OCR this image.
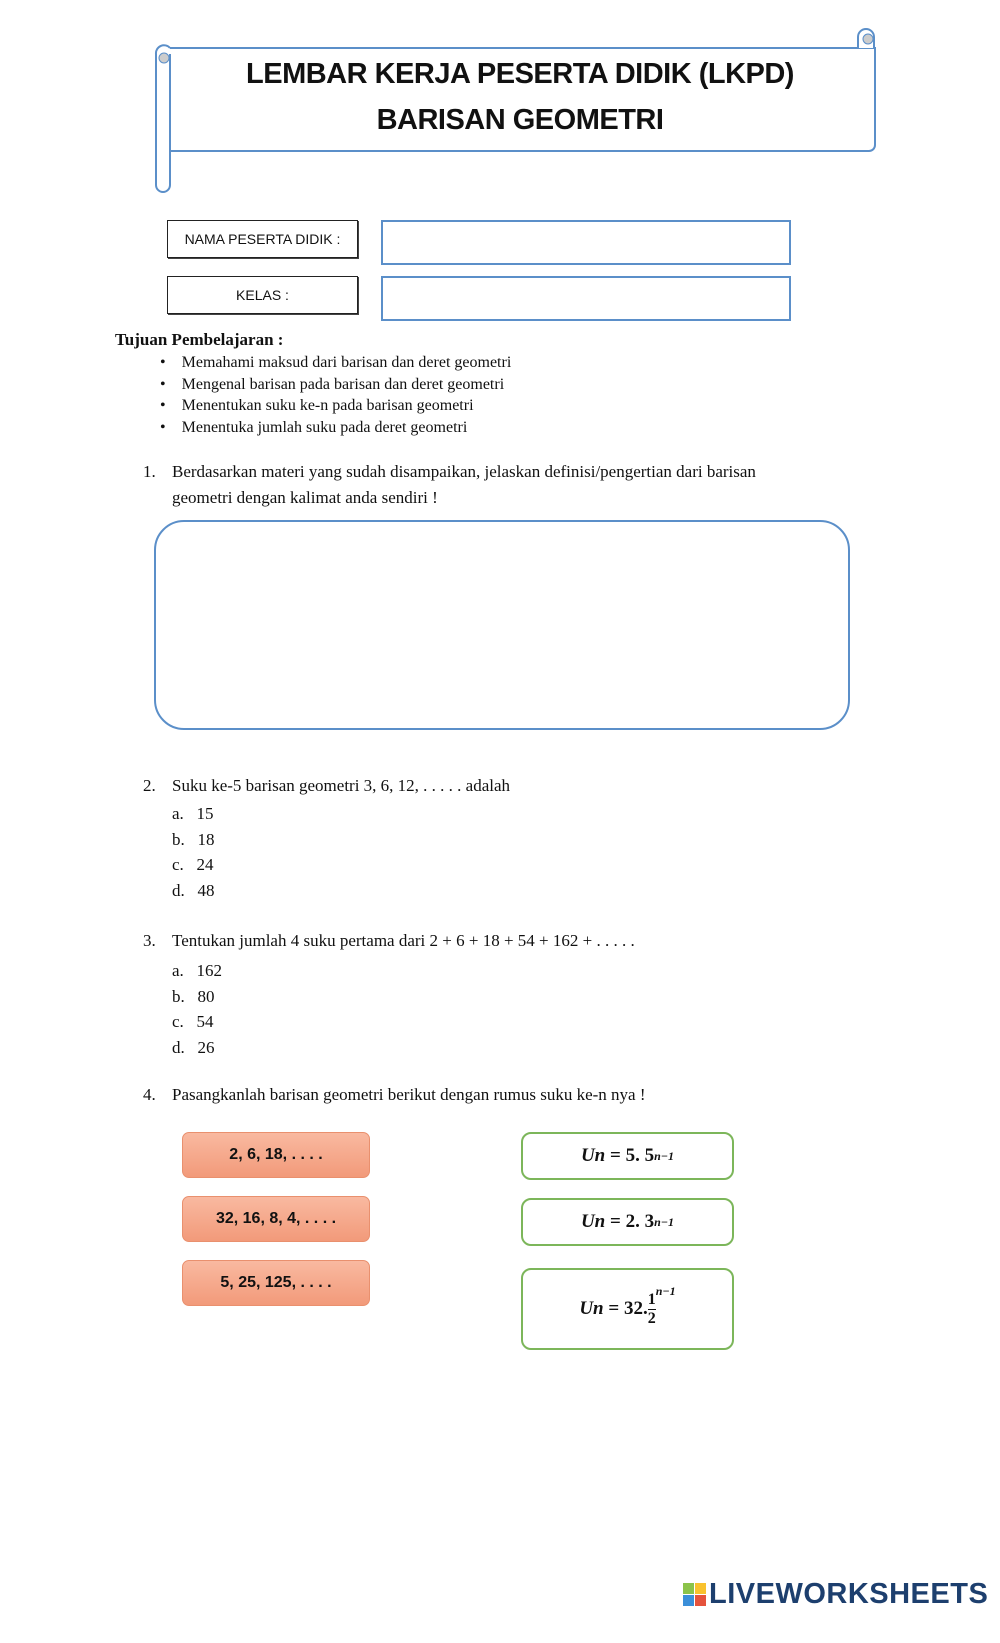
LEMBAR KERJA PESERTA DIDIK (LKPD)
BARISAN GEOMETRI
NAMA PESERTA DIDIK :
KELAS :
Tujuan Pembelajaran :
•    Memahami maksud dari barisan dan deret geometri
•    Mengenal barisan pada barisan dan deret geometri
•    Menentukan suku ke-n pada barisan geometri
•    Menentuka jumlah suku pada deret geometri
1. Berdasarkan materi yang sudah disampaikan, jelaskan definisi/pengertian dari barisan
geometri dengan kalimat anda sendiri !
2. Suku ke-5 barisan geometri 3, 6, 12, . . . . . adalah
a. 15
b. 18
c. 24
d. 48
3. Tentukan jumlah 4 suku pertama dari 2 + 6 + 18 + 54 + 162 + . . . . .
a. 162
b. 80
c. 54
d. 26
4. Pasangkanlah barisan geometri berikut dengan rumus suku ke-n nya !
2, 6, 18, . . . .
32, 16, 8, 4, . . . .
5, 25, 125, . . . .
Un
= 5. 5 n−1
Un
= 2. 3 n−1
Un
= 32. $\frac{1}{2} ^{n-1}$
LIVEWORKSHEETS
